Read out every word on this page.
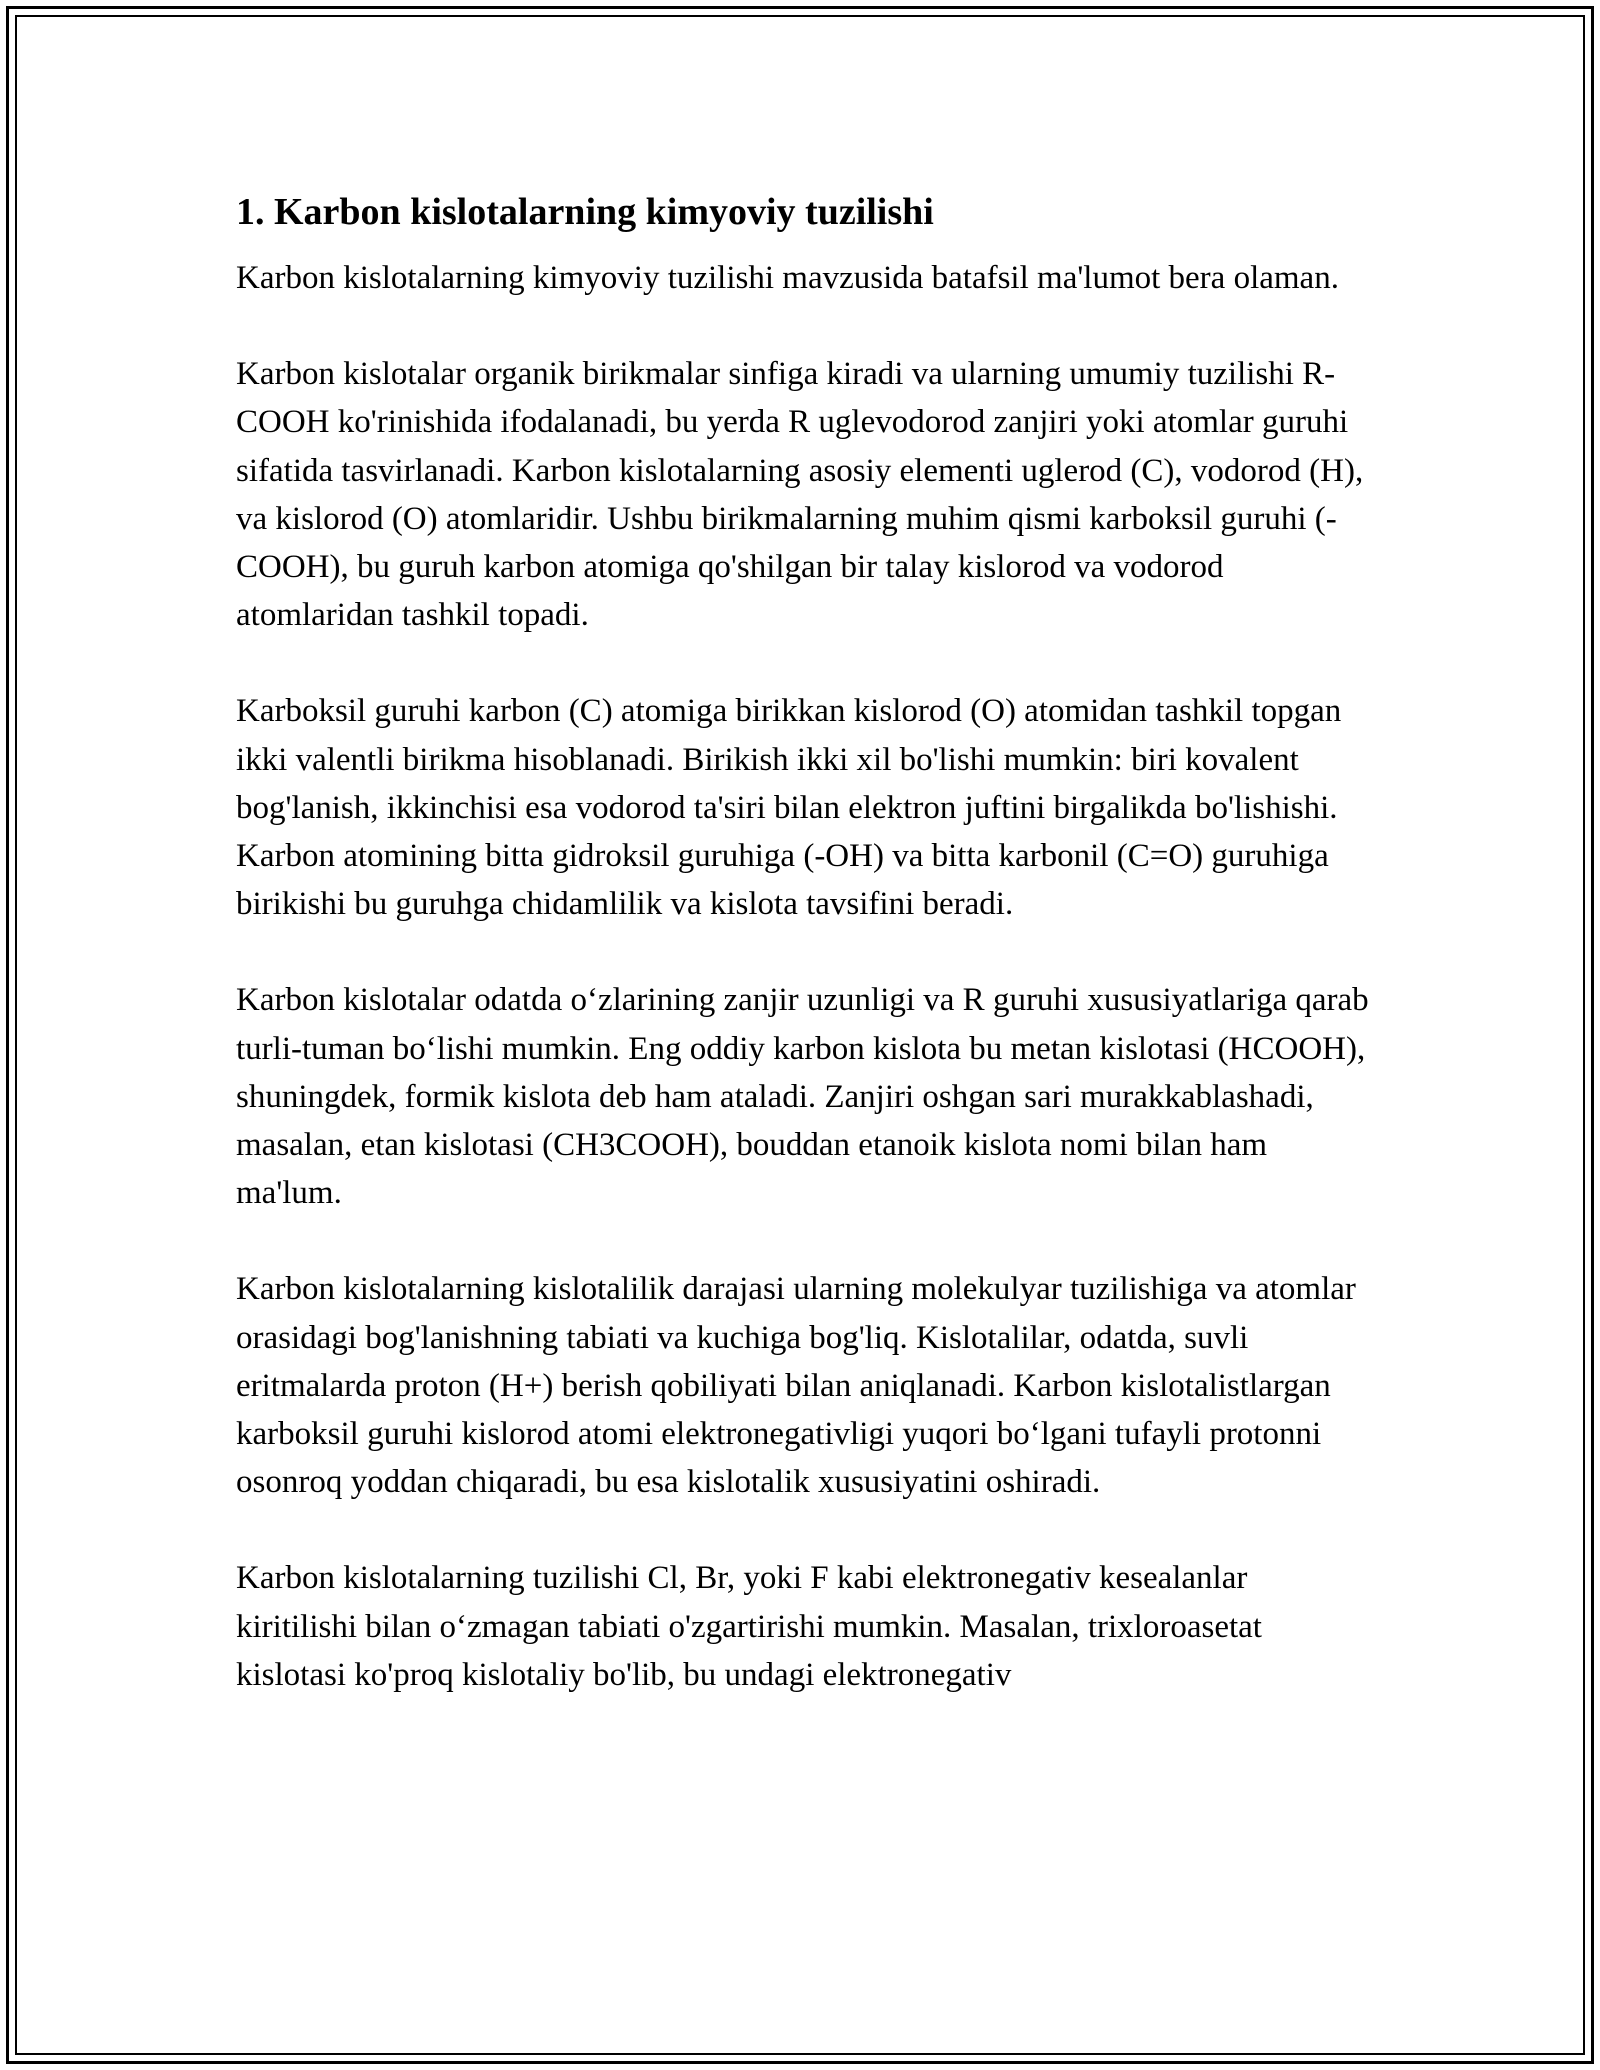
1. Karbon kislotalarning kimyoviy tuzilishi

Karbon kislotalarning kimyoviy tuzilishi mavzusida batafsil ma'lumot bera olaman.

Karbon kislotalar organik birikmalar sinfiga kiradi va ularning umumiy tuzilishi R-COOH ko'rinishida ifodalanadi, bu yerda R uglevodorod zanjiri yoki atomlar guruhi sifatida tasvirlanadi. Karbon kislotalarning asosiy elementi uglerod (C), vodorod (H), va kislorod (O) atomlaridir. Ushbu birikmalarning muhim qismi karboksil guruhi (-COOH), bu guruh karbon atomiga qo'shilgan bir talay kislorod va vodorod atomlaridan tashkil topadi.

Karboksil guruhi karbon (C) atomiga birikkan kislorod (O) atomidan tashkil topgan ikki valentli birikma hisoblanadi. Birikish ikki xil bo'lishi mumkin: biri kovalent bog'lanish, ikkinchisi esa vodorod ta'siri bilan elektron juftini birgalikda bo'lishishi. Karbon atomining bitta gidroksil guruhiga (-OH) va bitta karbonil (C=O) guruhiga birikishi bu guruhga chidamlilik va kislota tavsifini beradi.

Karbon kislotalar odatda o‘zlarining zanjir uzunligi va R guruhi xususiyatlariga qarab turli-tuman bo‘lishi mumkin. Eng oddiy karbon kislota bu metan kislotasi (HCOOH), shuningdek, formik kislota deb ham ataladi. Zanjiri oshgan sari murakkablashadi, masalan, etan kislotasi (CH3COOH), bouddan etanoik kislota nomi bilan ham ma'lum.

Karbon kislotalarning kislotalilik darajasi ularning molekulyar tuzilishiga va atomlar orasidagi bog'lanishning tabiati va kuchiga bog'liq. Kislotalilar, odatda, suvli eritmalarda proton (H+) berish qobiliyati bilan aniqlanadi. Karbon kislotalistlargan karboksil guruhi kislorod atomi elektronegativligi yuqori bo‘lgani tufayli protonni osonroq yoddan chiqaradi, bu esa kislotalik xususiyatini oshiradi.

Karbon kislotalarning tuzilishi Cl, Br, yoki F kabi elektronegativ kesealanlar kiritilishi bilan o‘zmagan tabiati o'zgartirishi mumkin. Masalan, trixloroasetat kislotasi ko'proq kislotaliy bo'lib, bu undagi elektronegativ
